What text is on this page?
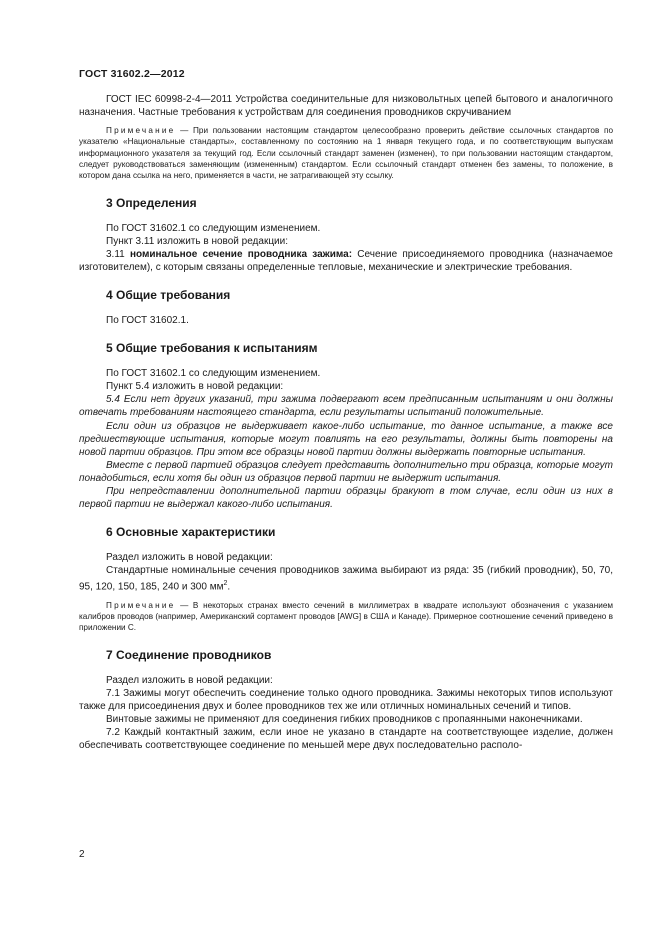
ГОСТ 31602.2—2012

ГОСТ IEC 60998-2-4—2011 Устройства соединительные для низковольтных цепей бытового и аналогичного назначения. Частные требования к устройствам для соединения проводников скручиванием

Примечание — При пользовании настоящим стандартом целесообразно проверить действие ссылочных стандартов по указателю «Национальные стандарты», составленному по состоянию на 1 января текущего года, и по соответствующим выпускам информационного указателя за текущий год. Если ссылочный стандарт заменен (изменен), то при пользовании настоящим стандартом, следует руководствоваться заменяющим (измененным) стандартом. Если ссылочный стандарт отменен без замены, то положение, в котором дана ссылка на него, применяется в части, не затрагивающей эту ссылку.

3 Определения

По ГОСТ 31602.1 со следующим изменением.

Пункт 3.11 изложить в новой редакции:

3.11 номинальное сечение проводника зажима: Сечение присоединяемого проводника (назначаемое изготовителем), с которым связаны определенные тепловые, механические и электрические требования.

4 Общие требования

По ГОСТ 31602.1.

5 Общие требования к испытаниям

По ГОСТ 31602.1 со следующим изменением.

Пункт 5.4 изложить в новой редакции:

5.4 Если нет других указаний, три зажима подвергают всем предписанным испытаниям и они должны отвечать требованиям настоящего стандарта, если результаты испытаний положительные.

Если один из образцов не выдерживает какое-либо испытание, то данное испытание, а также все предшествующие испытания, которые могут повлиять на его результаты, должны быть повторены на новой партии образцов. При этом все образцы новой партии должны выдержать повторные испытания.

Вместе с первой партией образцов следует представить дополнительно три образца, которые могут понадобиться, если хотя бы один из образцов первой партии не выдержит испытания.

При непредставлении дополнительной партии образцы бракуют в том случае, если один из них в первой партии не выдержал какого-либо испытания.

6 Основные характеристики

Раздел изложить в новой редакции:

Стандартные номинальные сечения проводников зажима выбирают из ряда: 35 (гибкий проводник), 50, 70, 95, 120, 150, 185, 240 и 300 $мм^2$.

Примечание — В некоторых странах вместо сечений в миллиметрах в квадрате используют обозначения с указанием калибров проводов (например, Американский сортамент проводов [AWG] в США и Канаде). Примерное соотношение сечений приведено в приложении C.

7 Соединение проводников

Раздел изложить в новой редакции:

7.1 Зажимы могут обеспечить соединение только одного проводника. Зажимы некоторых типов используют также для присоединения двух и более проводников тех же или отличных номинальных сечений и типов.

Винтовые зажимы не применяют для соединения гибких проводников с пропаянными наконечниками.

7.2 Каждый контактный зажим, если иное не указано в стандарте на соответствующее изделие, должен обеспечивать соответствующее соединение по меньшей мере двух последовательно располо-

2
